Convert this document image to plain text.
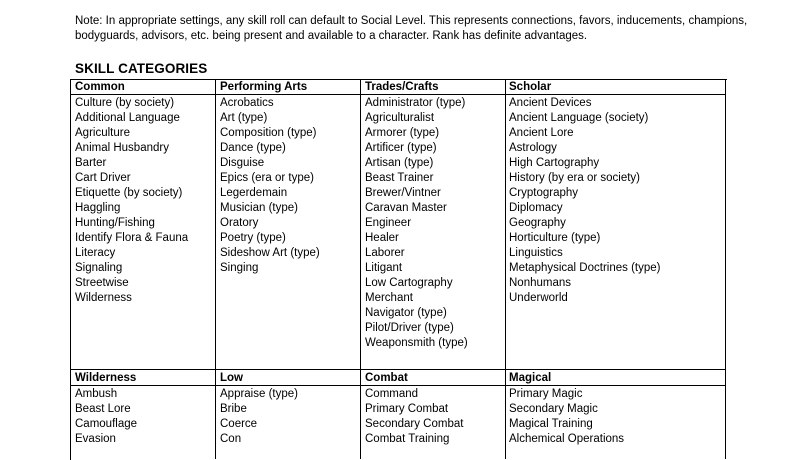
Note: In appropriate settings, any skill roll can default to Social Level. This represents connections, favors, inducements, champions, bodyguards, advisors, etc. being present and available to a character. Rank has definite advantages.
SKILL CATEGORIES
Common
Culture (by society)
Additional Language
Agriculture
Animal Husbandry
Barter
Cart Driver
Etiquette (by society)
Haggling
Hunting/Fishing
Identify Flora & Fauna
Literacy
Signaling
Streetwise
Wilderness
Performing Arts
Acrobatics
Art (type)
Composition (type)
Dance (type)
Disguise
Epics (era or type)
Legerdemain
Musician (type)
Oratory
Poetry (type)
Sideshow Art (type)
Singing
Trades/Crafts
Administrator (type)
Agriculturalist
Armorer (type)
Artificer (type)
Artisan (type)
Beast Trainer
Brewer/Vintner
Caravan Master
Engineer
Healer
Laborer
Litigant
Low Cartography
Merchant
Navigator (type)
Pilot/Driver (type)
Weaponsmith (type)
Scholar
Ancient Devices
Ancient Language (society)
Ancient Lore
Astrology
High Cartography
History (by era or society)
Cryptography
Diplomacy
Geography
Horticulture (type)
Linguistics
Metaphysical Doctrines (type)
Nonhumans
Underworld
Wilderness
Ambush
Beast Lore
Camouflage
Evasion
Low
Appraise (type)
Bribe
Coerce
Con
Combat
Command
Primary Combat
Secondary Combat
Combat Training
Magical
Primary Magic
Secondary Magic
Magical Training
Alchemical Operations
